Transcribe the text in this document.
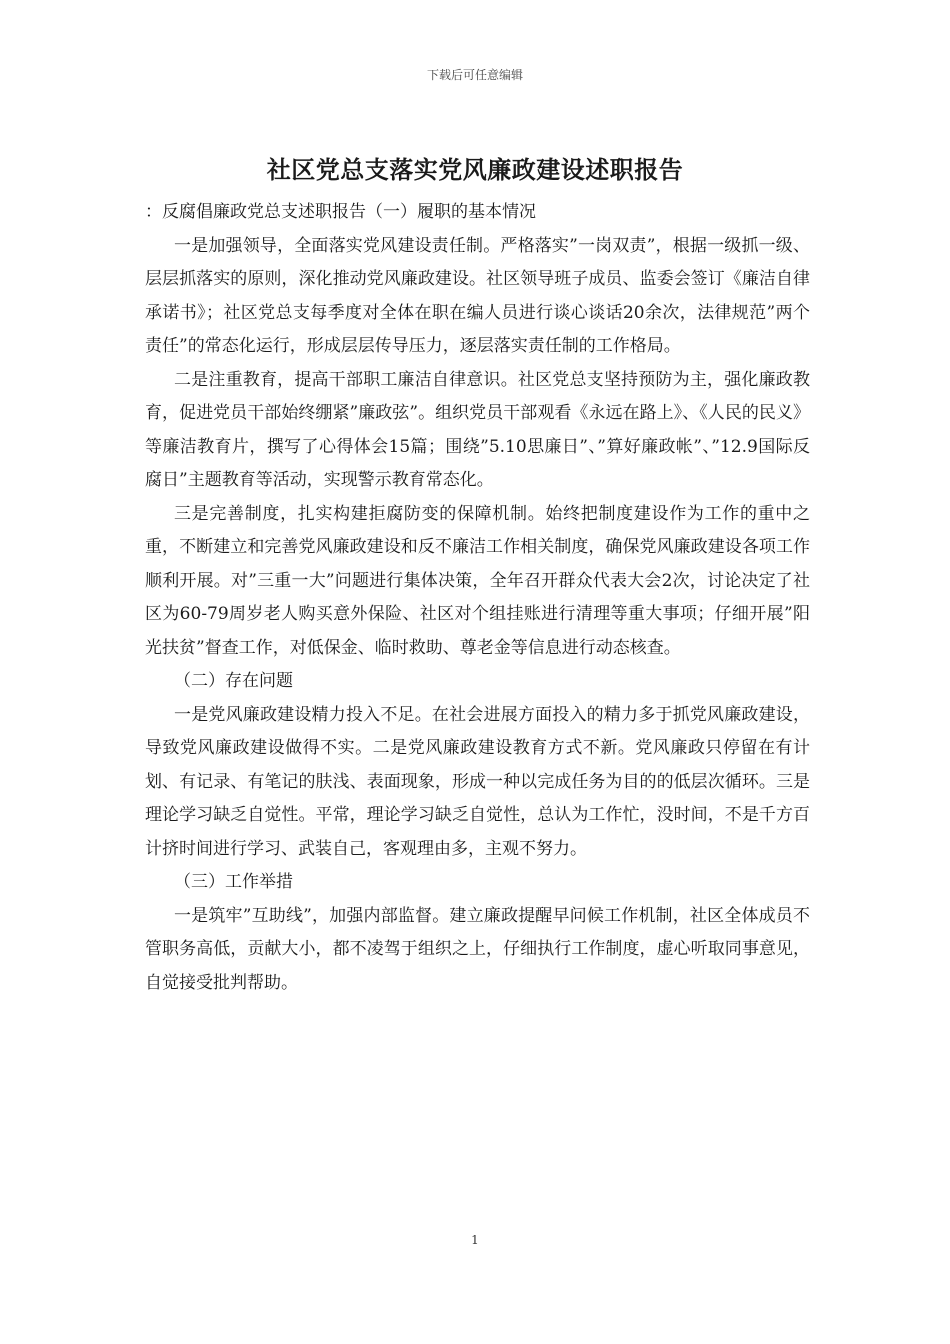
下载后可任意编辑
社区党总支落实党风廉政建设述职报告

：反腐倡廉政党总支述职报告（一）履职的基本情况

一是加强领导，全面落实党风建设责任制。严格落实”一岗双责”，根据一级抓一级、层层抓落实的原则，深化推动党风廉政建设。社区领导班子成员、监委会签订《廉洁自律承诺书》；社区党总支每季度对全体在职在编人员进行谈心谈话20余次，法律规范”两个责任”的常态化运行，形成层层传导压力，逐层落实责任制的工作格局。

二是注重教育，提高干部职工廉洁自律意识。社区党总支坚持预防为主，强化廉政教育，促进党员干部始终绷紧”廉政弦”。组织党员干部观看《永远在路上》、《人民的民义》等廉洁教育片，撰写了心得体会15篇；围绕”5.10思廉日”、”算好廉政帐”、”12.9国际反腐日”主题教育等活动，实现警示教育常态化。

三是完善制度，扎实构建拒腐防变的保障机制。始终把制度建设作为工作的重中之重，不断建立和完善党风廉政建设和反不廉洁工作相关制度，确保党风廉政建设各项工作顺利开展。对”三重一大”问题进行集体决策，全年召开群众代表大会2次，讨论决定了社区为60-79周岁老人购买意外保险、社区对个组挂账进行清理等重大事项；仔细开展”阳光扶贫”督查工作，对低保金、临时救助、尊老金等信息进行动态核查。

（二）存在问题

一是党风廉政建设精力投入不足。在社会进展方面投入的精力多于抓党风廉政建设，导致党风廉政建设做得不实。二是党风廉政建设教育方式不新。党风廉政只停留在有计划、有记录、有笔记的肤浅、表面现象，形成一种以完成任务为目的的低层次循环。三是理论学习缺乏自觉性。平常，理论学习缺乏自觉性，总认为工作忙，没时间，不是千方百计挤时间进行学习、武装自己，客观理由多，主观不努力。

（三）工作举措

一是筑牢”互助线”，加强内部监督。建立廉政提醒早问候工作机制，社区全体成员不管职务高低，贡献大小，都不凌驾于组织之上，仔细执行工作制度，虚心听取同事意见，自觉接受批判帮助。

1
